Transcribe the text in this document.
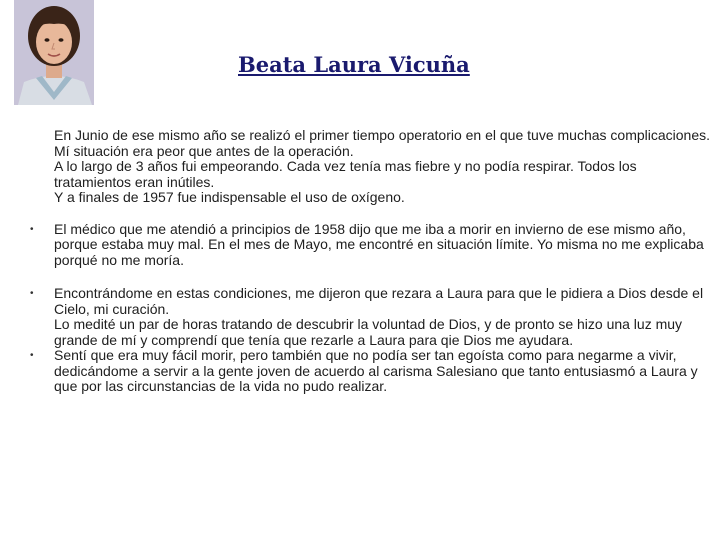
Beata Laura Vicuña

En Junio de ese mismo año se realizó el primer tiempo operatorio en el que tuve muchas complicaciones. Mí situación era peor que antes de la operación.

A lo largo de 3 años fui empeorando. Cada vez tenía mas fiebre y no podía respirar. Todos los tratamientos eran inútiles.

Y a finales de 1957 fue indispensable el uso de oxígeno.

• El médico que me atendió a principios de 1958 dijo que me iba a morir en invierno de ese mismo año, porque estaba muy mal. En el mes de Mayo, me encontré en situación límite. Yo misma no me explicaba porqué no me moría.

• Encontrándome en estas condiciones, me dijeron que rezara a Laura para que le pidiera a Dios desde el Cielo, mi curación.

Lo medité un par de horas tratando de descubrir la voluntad de Dios, y de pronto se hizo una luz muy grande de mí y comprendí que tenía que rezarle a Laura para qie Dios me ayudara.

• Sentí que era muy fácil morir, pero también que no podía ser tan egoísta como para negarme a vivir, dedicándome a servir a la gente joven de acuerdo al carisma Salesiano que tanto entusiasmó a Laura y que por las circunstancias de la vida no pudo realizar.
